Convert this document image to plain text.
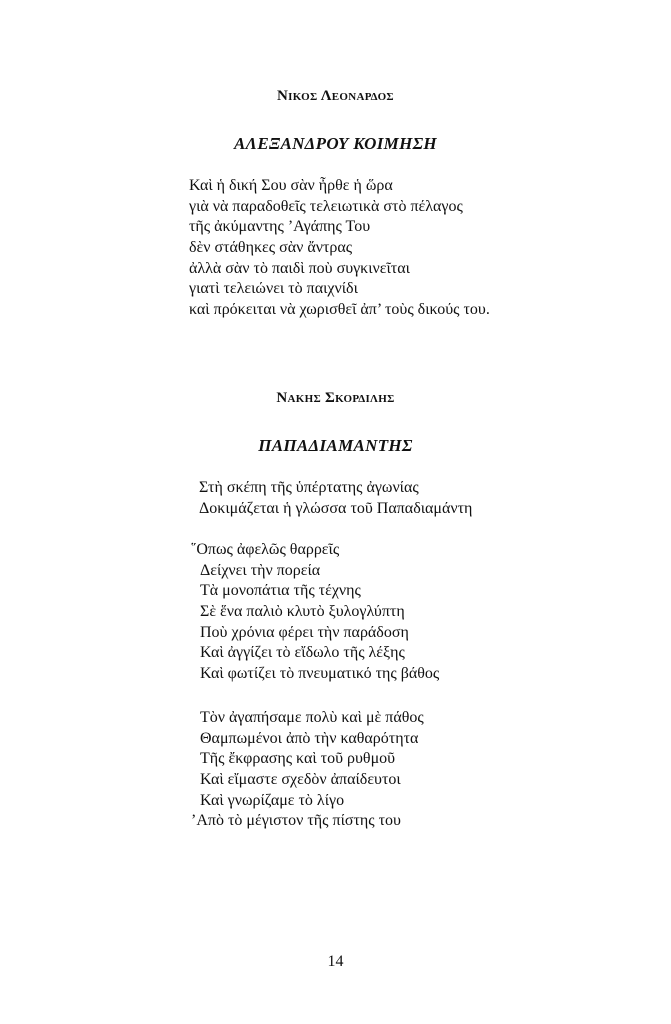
Νικος Λεοναρδος
ΑΛΕΞΑΝΔΡΟΥ ΚΟΙΜΗΣΗ
Καὶ ἡ δική Σου σὰν ἦρθε ἡ ὥρα
γιὰ νὰ παραδοθεῖς τελειωτικὰ στὸ πέλαγος
τῆς ἀκύμαντης ’Αγάπης Του
δὲν στάθηκες σὰν ἄντρας
ἀλλὰ σὰν τὸ παιδὶ ποὺ συγκινεῖται
γιατὶ τελειώνει τὸ παιχνίδι
καὶ πρόκειται νὰ χωρισθεῖ ἀπ’ τοὺς δικούς του.
Νακης Σκορδιλης
ΠΑΠΑΔΙΑΜΑΝΤΗΣ
Στὴ σκέπη τῆς ὑπέρτατης ἀγωνίας
Δοκιμάζεται ἡ γλώσσα τοῦ Παπαδιαμάντη
῞Οπως ἀφελῶς θαρρεῖς
Δείχνει τὴν πορεία
Τὰ μονοπάτια τῆς τέχνης
Σὲ ἕνα παλιὸ κλυτὸ ξυλογλύπτη
Ποὺ χρόνια φέρει τὴν παράδοση
Καὶ ἀγγίζει τὸ εἴδωλο τῆς λέξης
Καὶ φωτίζει τὸ πνευματικό της βάθος
Τὸν ἀγαπήσαμε πολὺ καὶ μὲ πάθος
Θαμπωμένοι ἀπὸ τὴν καθαρότητα
Τῆς ἔκφρασης καὶ τοῦ ρυθμοῦ
Καὶ εἴμαστε σχεδὸν ἀπαίδευτοι
Καὶ γνωρίζαμε τὸ λίγο
’Απὸ τὸ μέγιστον τῆς πίστης του
14
